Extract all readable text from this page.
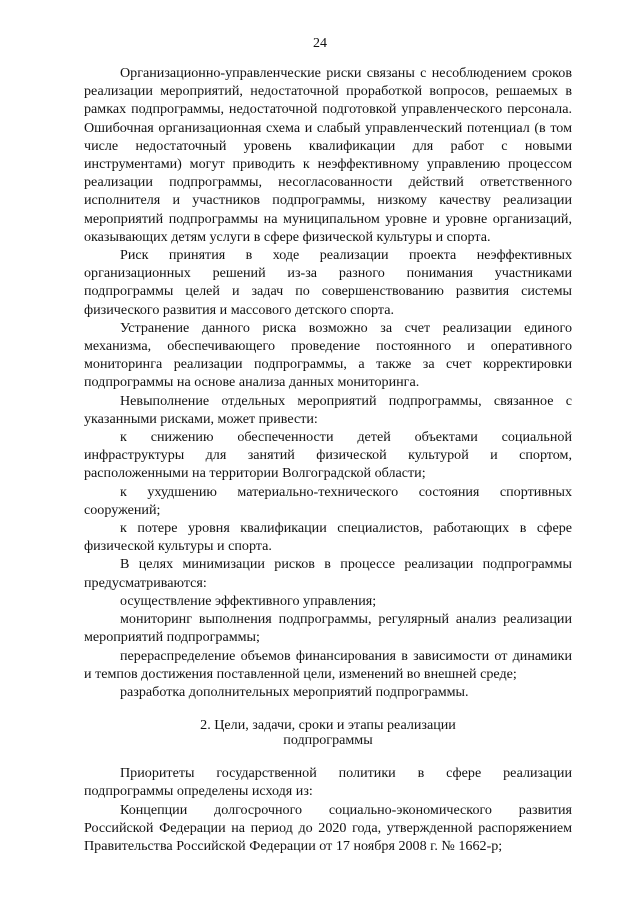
24

Организационно-управленческие риски связаны с несоблюдением сроков реализации мероприятий, недостаточной проработкой вопросов, решаемых в рамках подпрограммы, недостаточной подготовкой управленческого персонала. Ошибочная организационная схема и слабый управленческий потенциал (в том числе недостаточный уровень квалификации для работ с новыми инструментами) могут приводить к неэффективному управлению процессом реализации подпрограммы, несогласованности действий ответственного исполнителя и участников подпрограммы, низкому качеству реализации мероприятий подпрограммы на муниципальном уровне и уровне организаций, оказывающих детям услуги в сфере физической культуры и спорта.

Риск принятия в ходе реализации проекта неэффективных организационных решений из-за разного понимания участниками подпрограммы целей и задач по совершенствованию развития системы физического развития и массового детского спорта.

Устранение данного риска возможно за счет реализации единого механизма, обеспечивающего проведение постоянного и оперативного мониторинга реализации подпрограммы, а также за счет корректировки подпрограммы на основе анализа данных мониторинга.

Невыполнение отдельных мероприятий подпрограммы, связанное с указанными рисками, может привести:

к снижению обеспеченности детей объектами социальной инфраструктуры для занятий физической культурой и спортом, расположенными на территории Волгоградской области;

к ухудшению материально-технического состояния спортивных сооружений;

к потере уровня квалификации специалистов, работающих в сфере физической культуры и спорта.

В целях минимизации рисков в процессе реализации подпрограммы предусматриваются:

осуществление эффективного управления;

мониторинг выполнения подпрограммы, регулярный анализ реализации мероприятий подпрограммы;

перераспределение объемов финансирования в зависимости от динамики и темпов достижения поставленной цели, изменений во внешней среде;

разработка дополнительных мероприятий подпрограммы.

2. Цели, задачи, сроки и этапы реализации
подпрограммы

Приоритеты государственной политики в сфере реализации подпрограммы определены исходя из:

Концепции долгосрочного социально-экономического развития Российской Федерации на период до 2020 года, утвержденной распоряжением Правительства Российской Федерации от 17 ноября 2008 г. № 1662-р;
